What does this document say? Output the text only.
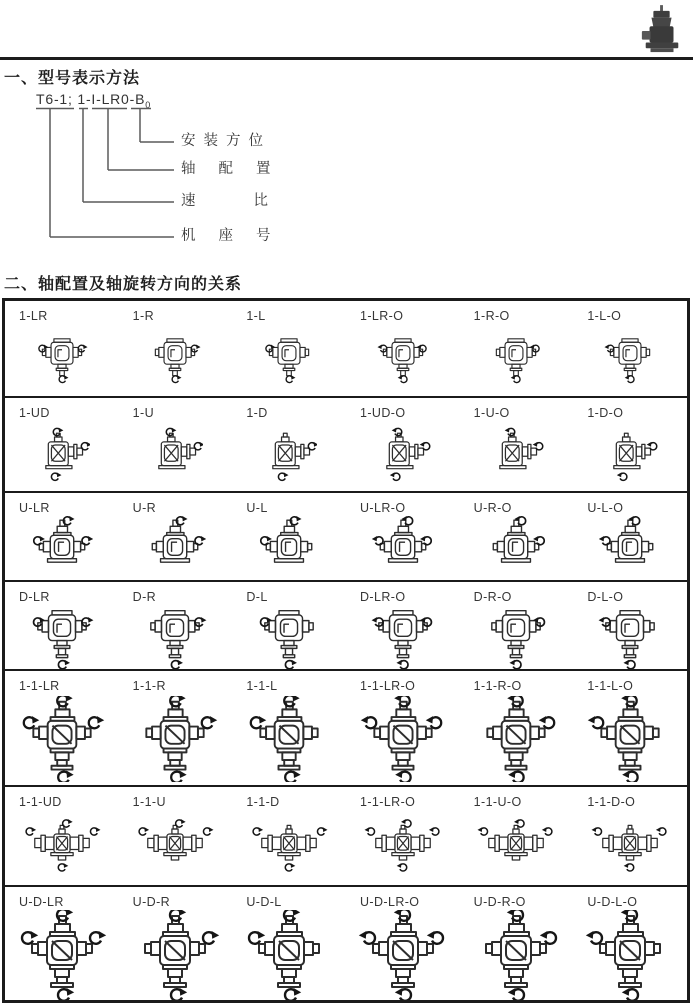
一、型号表示方法
T6-1; $1-I-LR0-B_0$
安装方位
轴配置
速比
机座号
二、轴配置及轴旋转方向的关系
1-LR	1-R	1-L	1-LR-O	1-R-O	1-L-O
1-UD	1-U	1-D	1-UD-O	1-U-O	1-D-O
U-LR	U-R	U-L	U-LR-O	U-R-O	U-L-O
D-LR	D-R	D-L	D-LR-O	D-R-O	D-L-O
1-1-LR	1-1-R	1-1-L	1-1-LR-O	1-1-R-O	1-1-L-O
1-1-UD	1-1-U	1-1-D	1-1-LR-O	1-1-U-O	1-1-D-O
U-D-LR	U-D-R	U-D-L	U-D-LR-O	U-D-R-O	U-D-L-O
